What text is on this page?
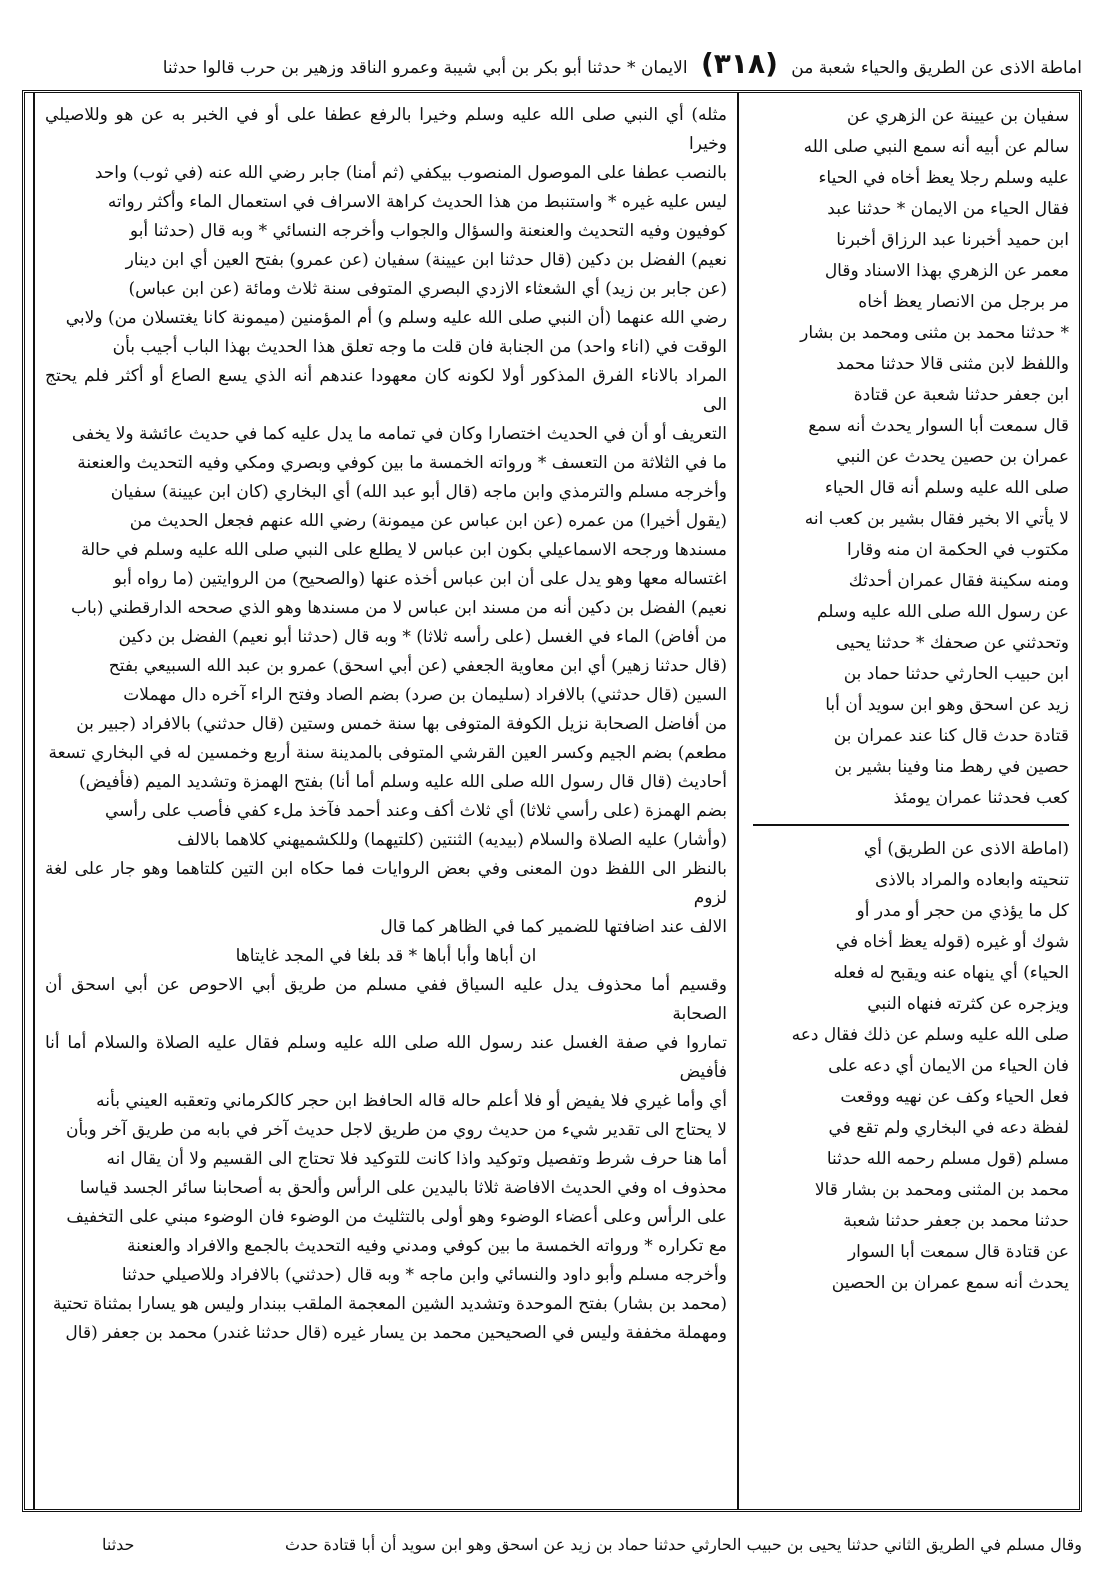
اماطة الاذى عن الطريق والحياء شعبة من (٣١٨) الايمان * حدثنا أبو بكر بن أبي شيبة وعمرو الناقد وزهير بن حرب قالوا حدثنا

سفيان بن عيينة عن الزهري عن

سالم عن أبيه أنه سمع النبي صلى الله

عليه وسلم رجلا يعظ أخاه في الحياء

فقال الحياء من الايمان * حدثنا عبد

ابن حميد أخبرنا عبد الرزاق أخبرنا

معمر عن الزهري بهذا الاسناد وقال

مر برجل من الانصار يعظ أخاه

* حدثنا محمد بن مثنى ومحمد بن بشار

واللفظ لابن مثنى قالا حدثنا محمد

ابن جعفر حدثنا شعبة عن قتادة

قال سمعت أبا السوار يحدث أنه سمع

عمران بن حصين يحدث عن النبي

صلى الله عليه وسلم أنه قال الحياء

لا يأتي الا بخير فقال بشير بن كعب انه

مكتوب في الحكمة ان منه وقارا

ومنه سكينة فقال عمران أحدثك

عن رسول الله صلى الله عليه وسلم

وتحدثني عن صحفك * حدثنا يحيى

ابن حبيب الحارثي حدثنا حماد بن

زيد عن اسحق وهو ابن سويد أن أبا

قتادة حدث قال كنا عند عمران بن

حصين في رهط منا وفينا بشير بن

كعب فحدثنا عمران يومئذ

(اماطة الاذى عن الطريق) أي

تنحيته وابعاده والمراد بالاذى

كل ما يؤذي من حجر أو مدر أو

شوك أو غيره (قوله يعظ أخاه في

الحياء) أي ينهاه عنه ويقبح له فعله

ويزجره عن كثرته فنهاه النبي

صلى الله عليه وسلم عن ذلك فقال دعه

فان الحياء من الايمان أي دعه على

فعل الحياء وكف عن نهيه ووقعت

لفظة دعه في البخاري ولم تقع في

مسلم (قول مسلم رحمه الله حدثنا

محمد بن المثنى ومحمد بن بشار قالا

حدثنا محمد بن جعفر حدثنا شعبة

عن قتادة قال سمعت أبا السوار

يحدث أنه سمع عمران بن الحصين

مثله) أي النبي صلى الله عليه وسلم وخيرا بالرفع عطفا على أو في الخبر به عن هو وللاصيلي وخيرا

بالنصب عطفا على الموصول المنصوب بيكفي (ثم أمنا) جابر رضي الله عنه (في ثوب) واحد

ليس عليه غيره * واستنبط من هذا الحديث كراهة الاسراف في استعمال الماء وأكثر رواته

كوفيون وفيه التحديث والعنعنة والسؤال والجواب وأخرجه النسائي * وبه قال (حدثنا أبو

نعيم) الفضل بن دكين (قال حدثنا ابن عيينة) سفيان (عن عمرو) بفتح العين أي ابن دينار

(عن جابر بن زيد) أي الشعثاء الازدي البصري المتوفى سنة ثلاث ومائة (عن ابن عباس)

رضي الله عنهما (أن النبي صلى الله عليه وسلم و) أم المؤمنين (ميمونة كانا يغتسلان من) ولابي

الوقت في (اناء واحد) من الجنابة فان قلت ما وجه تعلق هذا الحديث بهذا الباب أجيب بأن

المراد بالاناء الفرق المذكور أولا لكونه كان معهودا عندهم أنه الذي يسع الصاع أو أكثر فلم يحتج الى

التعريف أو أن في الحديث اختصارا وكان في تمامه ما يدل عليه كما في حديث عائشة ولا يخفى

ما في الثلاثة من التعسف * ورواته الخمسة ما بين كوفي وبصري ومكي وفيه التحديث والعنعنة

وأخرجه مسلم والترمذي وابن ماجه (قال أبو عبد الله) أي البخاري (كان ابن عيينة) سفيان

(يقول أخيرا) من عمره (عن ابن عباس عن ميمونة) رضي الله عنهم فجعل الحديث من

مسندها ورجحه الاسماعيلي بكون ابن عباس لا يطلع على النبي صلى الله عليه وسلم في حالة

اغتساله معها وهو يدل على أن ابن عباس أخذه عنها (والصحيح) من الروايتين (ما رواه أبو

نعيم) الفضل بن دكين أنه من مسند ابن عباس لا من مسندها وهو الذي صححه الدارقطني (باب

من أفاض) الماء في الغسل (على رأسه ثلاثا) * وبه قال (حدثنا أبو نعيم) الفضل بن دكين

(قال حدثنا زهير) أي ابن معاوية الجعفي (عن أبي اسحق) عمرو بن عبد الله السبيعي بفتح

السين (قال حدثني) بالافراد (سليمان بن صرد) بضم الصاد وفتح الراء آخره دال مهملات

من أفاضل الصحابة نزيل الكوفة المتوفى بها سنة خمس وستين (قال حدثني) بالافراد (جبير بن

مطعم) بضم الجيم وكسر العين القرشي المتوفى بالمدينة سنة أربع وخمسين له في البخاري تسعة

أحاديث (قال قال رسول الله صلى الله عليه وسلم أما أنا) بفتح الهمزة وتشديد الميم (فأفيض)

بضم الهمزة (على رأسي ثلاثا) أي ثلاث أكف وعند أحمد فآخذ ملء كفي فأصب على رأسي

(وأشار) عليه الصلاة والسلام (بيديه) الثنتين (كلتيهما) وللكشميهني كلاهما بالالف

بالنظر الى اللفظ دون المعنى وفي بعض الروايات فما حكاه ابن التين كلتاهما وهو جار على لغة لزوم

الالف عند اضافتها للضمير كما في الظاهر كما قال

ان أباها وأبا أباها * قد بلغا في المجد غايتاها

وقسيم أما محذوف يدل عليه السياق ففي مسلم من طريق أبي الاحوص عن أبي اسحق أن الصحابة

تماروا في صفة الغسل عند رسول الله صلى الله عليه وسلم فقال عليه الصلاة والسلام أما أنا فأفيض

أي وأما غيري فلا يفيض أو فلا أعلم حاله قاله الحافظ ابن حجر كالكرماني وتعقبه العيني بأنه

لا يحتاج الى تقدير شيء من حديث روي من طريق لاجل حديث آخر في بابه من طريق آخر وبأن

أما هنا حرف شرط وتفصيل وتوكيد واذا كانت للتوكيد فلا تحتاج الى القسيم ولا أن يقال انه

محذوف اه وفي الحديث الافاضة ثلاثا باليدين على الرأس وألحق به أصحابنا سائر الجسد قياسا

على الرأس وعلى أعضاء الوضوء وهو أولى بالتثليث من الوضوء فان الوضوء مبني على التخفيف

مع تكراره * ورواته الخمسة ما بين كوفي ومدني وفيه التحديث بالجمع والافراد والعنعنة

وأخرجه مسلم وأبو داود والنسائي وابن ماجه * وبه قال (حدثني) بالافراد وللاصيلي حدثنا

(محمد بن بشار) بفتح الموحدة وتشديد الشين المعجمة الملقب ببندار وليس هو يسارا بمثناة تحتية

ومهملة مخففة وليس في الصحيحين محمد بن يسار غيره (قال حدثنا غندر) محمد بن جعفر (قال

وقال مسلم في الطريق الثاني حدثنا يحيى بن حبيب الحارثي حدثنا حماد بن زيد عن اسحق وهو ابن سويد أن أبا قتادة حدث
حدثنا
